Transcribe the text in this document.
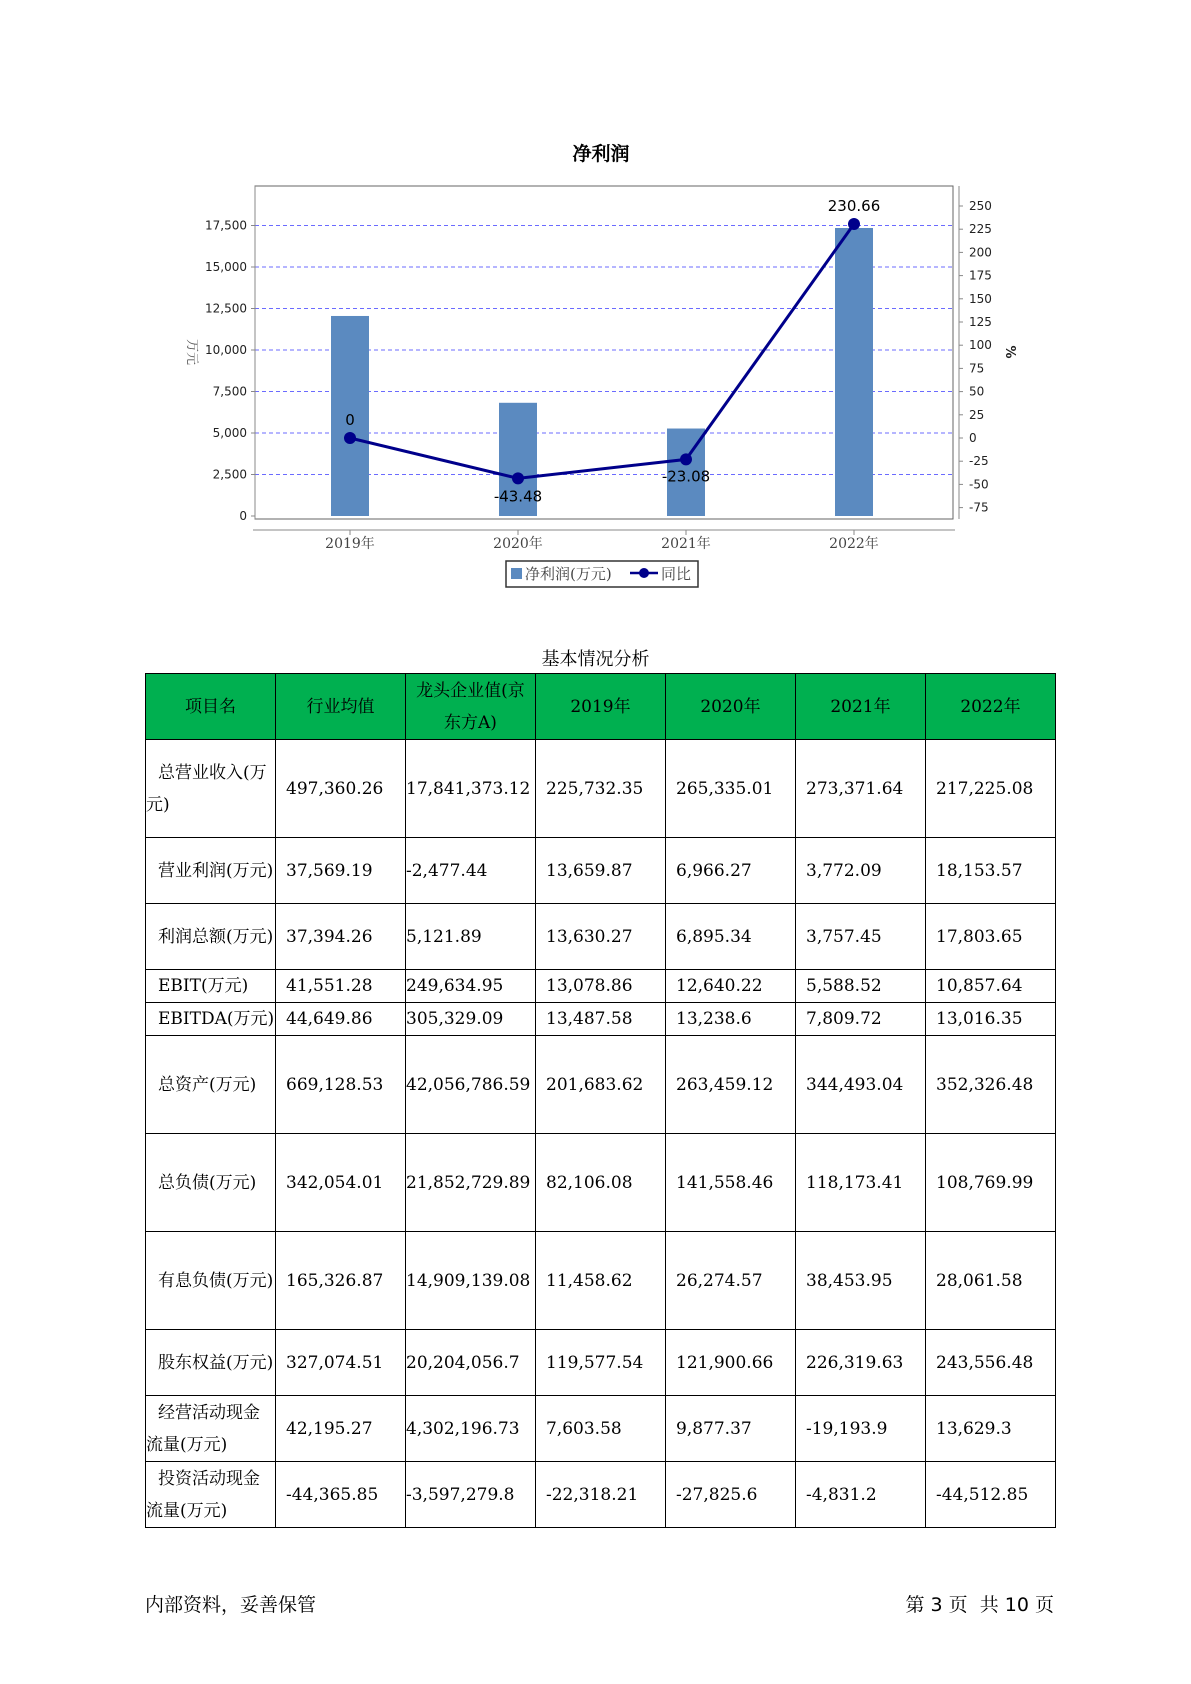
净利润
0
2,500
5,000
7,500
10,000
12,500
15,000
17,500
250
225
200
175
150
125
100
75
50
25
0
-25
-50
-75
2019年	2020年	2021年	2022年
0
-43.48
-23.08
230.66
万元	%
净利润(万元)	同比
基本情况分析
项目名	行业均值	龙头企业值(京东方A)	2019年	2020年	2021年	2022年
总营业收入(万元)	497,360.26	17,841,373.12	225,732.35	265,335.01	273,371.64	217,225.08
营业利润(万元)	37,569.19	-2,477.44	13,659.87	6,966.27	3,772.09	18,153.57
利润总额(万元)	37,394.26	5,121.89	13,630.27	6,895.34	3,757.45	17,803.65
EBIT(万元)	41,551.28	249,634.95	13,078.86	12,640.22	5,588.52	10,857.64
EBITDA(万元)	44,649.86	305,329.09	13,487.58	13,238.6	7,809.72	13,016.35
总资产(万元)	669,128.53	42,056,786.59	201,683.62	263,459.12	344,493.04	352,326.48
总负债(万元)	342,054.01	21,852,729.89	82,106.08	141,558.46	118,173.41	108,769.99
有息负债(万元)	165,326.87	14,909,139.08	11,458.62	26,274.57	38,453.95	28,061.58
股东权益(万元)	327,074.51	20,204,056.7	119,577.54	121,900.66	226,319.63	243,556.48
经营活动现金流量(万元)	42,195.27	4,302,196.73	7,603.58	9,877.37	-19,193.9	13,629.3
投资活动现金流量(万元)	-44,365.85	-3,597,279.8	-22,318.21	-27,825.6	-4,831.2	-44,512.85
内部资料，妥善保管	第 3 页  共 10 页
